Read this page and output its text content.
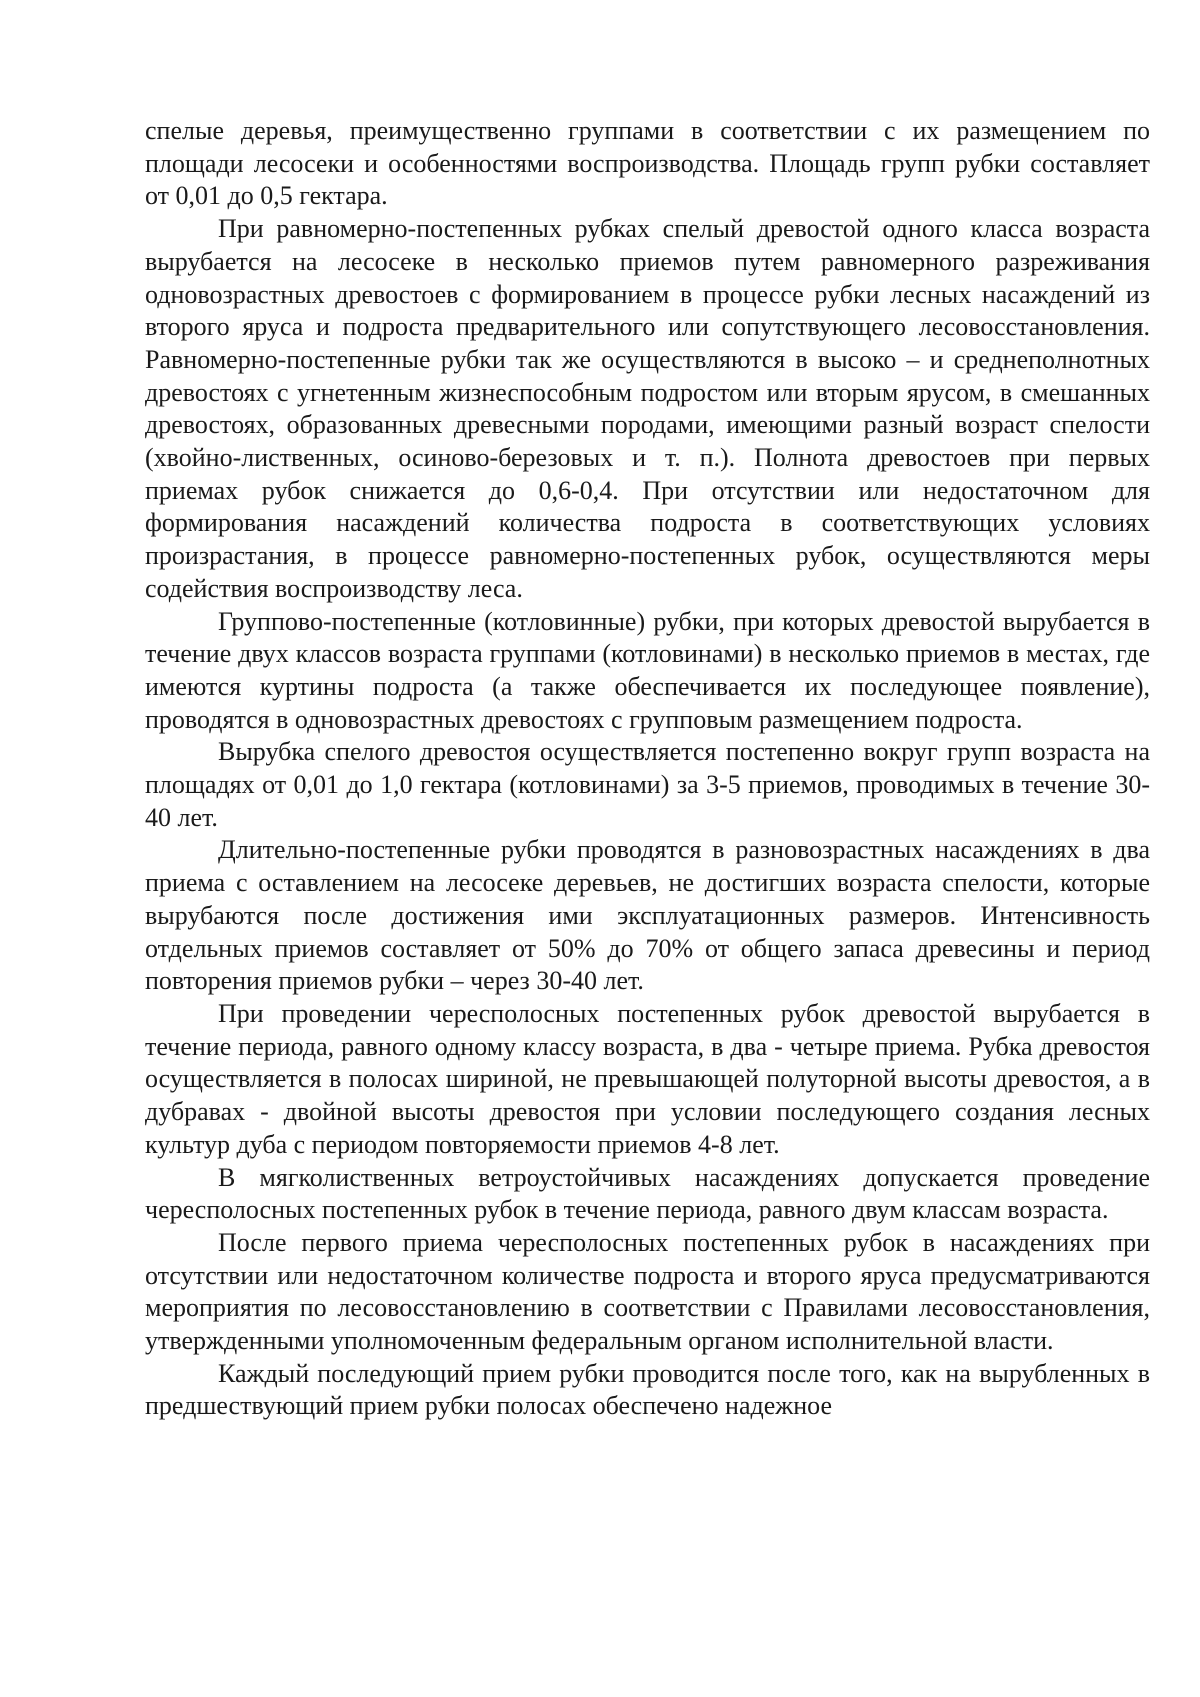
спелые деревья, преимущественно группами в соответствии с их размещением по площади лесосеки и особенностями воспроизводства. Площадь групп рубки составляет от 0,01 до 0,5 гектара.

При равномерно-постепенных рубках спелый древостой одного класса возраста вырубается на лесосеке в несколько приемов путем равномерного разреживания одновозрастных древостоев с формированием в процессе рубки лесных насаждений из второго яруса и подроста предварительного или сопутствующего лесовосстановления. Равномерно-постепенные рубки так же осуществляются в высоко – и среднеполнотных древостоях с угнетенным жизнеспособным подростом или вторым ярусом, в смешанных древостоях, образованных древесными породами, имеющими разный возраст спелости (хвойно-лиственных, осиново-березовых и т. п.). Полнота древостоев при первых приемах рубок снижается до 0,6-0,4. При отсутствии или недостаточном для формирования насаждений количества подроста в соответствующих условиях произрастания, в процессе равномерно-постепенных рубок, осуществляются меры содействия воспроизводству леса.

Группово-постепенные (котловинные) рубки, при которых древостой вырубается в течение двух классов возраста группами (котловинами) в несколько приемов в местах, где имеются куртины подроста (а также обеспечивается их последующее появление), проводятся в одновозрастных древостоях с групповым размещением подроста.

Вырубка спелого древостоя осуществляется постепенно вокруг групп возраста на площадях от 0,01 до 1,0 гектара (котловинами) за 3-5 приемов, проводимых в течение 30-40 лет.

Длительно-постепенные рубки проводятся в разновозрастных насаждениях в два приема с оставлением на лесосеке деревьев, не достигших возраста спелости, которые вырубаются после достижения ими эксплуатационных размеров. Интенсивность отдельных приемов составляет от 50% до 70% от общего запаса древесины и период повторения приемов рубки – через 30-40 лет.

При проведении чересполосных постепенных рубок древостой вырубается в течение периода, равного одному классу возраста, в два - четыре приема. Рубка древостоя осуществляется в полосах шириной, не превышающей полуторной высоты древостоя, а в дубравах - двойной высоты древостоя при условии последующего создания лесных культур дуба с периодом повторяемости приемов 4-8 лет.

В мягколиственных ветроустойчивых насаждениях допускается проведение чересполосных постепенных рубок в течение периода, равного двум классам возраста.

После первого приема чересполосных постепенных рубок в насаждениях при отсутствии или недостаточном количестве подроста и второго яруса предусматриваются мероприятия по лесовосстановлению в соответствии с Правилами лесовосстановления, утвержденными уполномоченным федеральным органом исполнительной власти.

Каждый последующий прием рубки проводится после того, как на вырубленных в предшествующий прием рубки полосах обеспечено надежное
